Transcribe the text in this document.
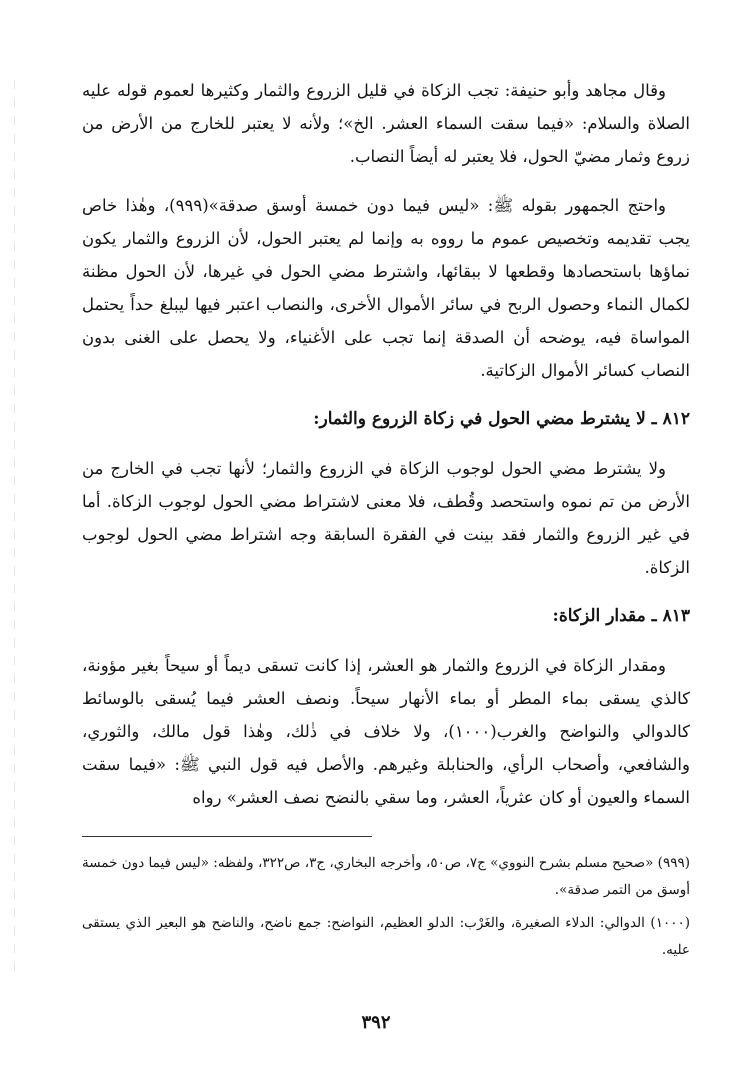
وقال مجاهد وأبو حنيفة: تجب الزكاة في قليل الزروع والثمار وكثيرها لعموم قوله عليه الصلاة والسلام: «فيما سقت السماء العشر. الخ»؛ ولأنه لا يعتبر للخارج من الأرض من زروع وثمار مضيّ الحول، فلا يعتبر له أيضاً النصاب.

واحتج الجمهور بقوله ﷺ: «ليس فيما دون خمسة أوسق صدقة»(٩٩٩)، وهٰذا خاص يجب تقديمه وتخصيص عموم ما رووه به وإنما لم يعتبر الحول، لأن الزروع والثمار يكون نماؤها باستحصادها وقطعها لا ببقائها، واشترط مضي الحول في غيرها، لأن الحول مظنة لكمال النماء وحصول الربح في سائر الأموال الأخرى، والنصاب اعتبر فيها ليبلغ حداً يحتمل المواساة فيه، يوضحه أن الصدقة إنما تجب على الأغنياء، ولا يحصل على الغنى بدون النصاب كسائر الأموال الزكاتية.

٨١٢ ـ لا يشترط مضي الحول في زكاة الزروع والثمار:

ولا يشترط مضي الحول لوجوب الزكاة في الزروع والثمار؛ لأنها تجب في الخارج من الأرض من تم نموه واستحصد وقُطف، فلا معنى لاشتراط مضي الحول لوجوب الزكاة. أما في غير الزروع والثمار فقد بينت في الفقرة السابقة وجه اشتراط مضي الحول لوجوب الزكاة.

٨١٣ ـ مقدار الزكاة:

ومقدار الزكاة في الزروع والثمار هو العشر، إذا كانت تسقى ديماً أو سيحاً بغير مؤونة، كالذي يسقى بماء المطر أو بماء الأنهار سيحاً. ونصف العشر فيما يُسقى بالوسائط كالدوالي والنواضح والغرب(١٠٠٠)، ولا خلاف في ذٰلك، وهٰذا قول مالك، والثوري، والشافعي، وأصحاب الرأي، والحنابلة وغيرهم. والأصل فيه قول النبي ﷺ: «فيما سقت السماء والعيون أو كان عثرياً، العشر، وما سقي بالنضح نصف العشر» رواه

(٩٩٩) «صحيح مسلم بشرح النووي» ج٧، ص٥٠، وأخرجه البخاري، ج٣، ص٣٢٢، ولفظه: «ليس فيما دون خمسة أوسق من التمر صدقة».

(١٠٠٠) الدوالي: الدلاء الصغيرة، والغَرْب: الدلو العظيم، النواضح: جمع ناضح، والناضح هو البعير الذي يستقى عليه.

٣٩٢
